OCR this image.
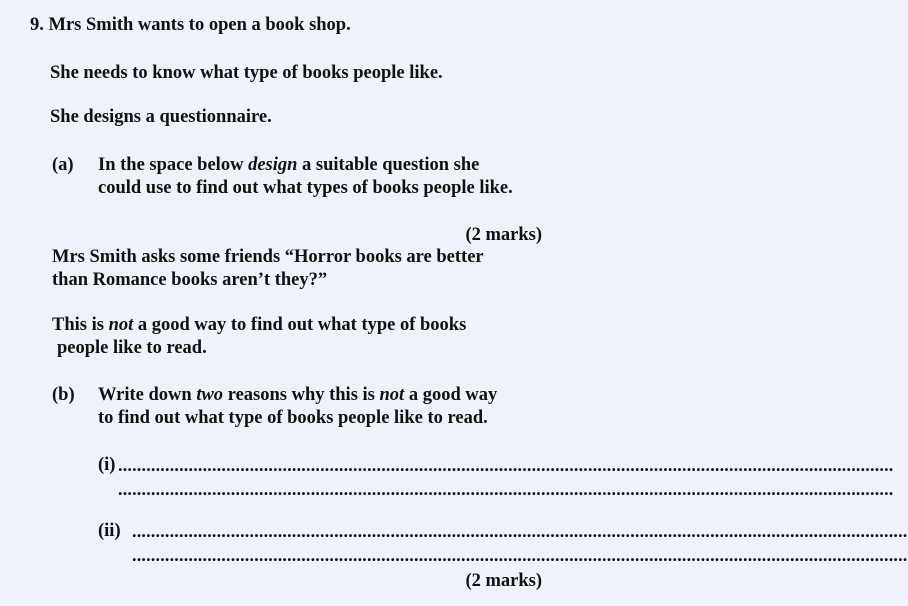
9. Mrs Smith wants to open a book shop.
She needs to know what type of books people like.
She designs a questionnaire.
(a) In the space below design a suitable question she
could use to find out what types of books people like.
(2 marks)
Mrs Smith asks some friends “Horror books are better
than Romance books aren’t they?”
This is not a good way to find out what type of books
people like to read.
(b) Write down two reasons why this is not a good way
to find out what type of books people like to read.
(i) .....................................................................................................................................................................
.....................................................................................................................................................................
(ii) .....................................................................................................................................................................
.....................................................................................................................................................................
(2 marks)
